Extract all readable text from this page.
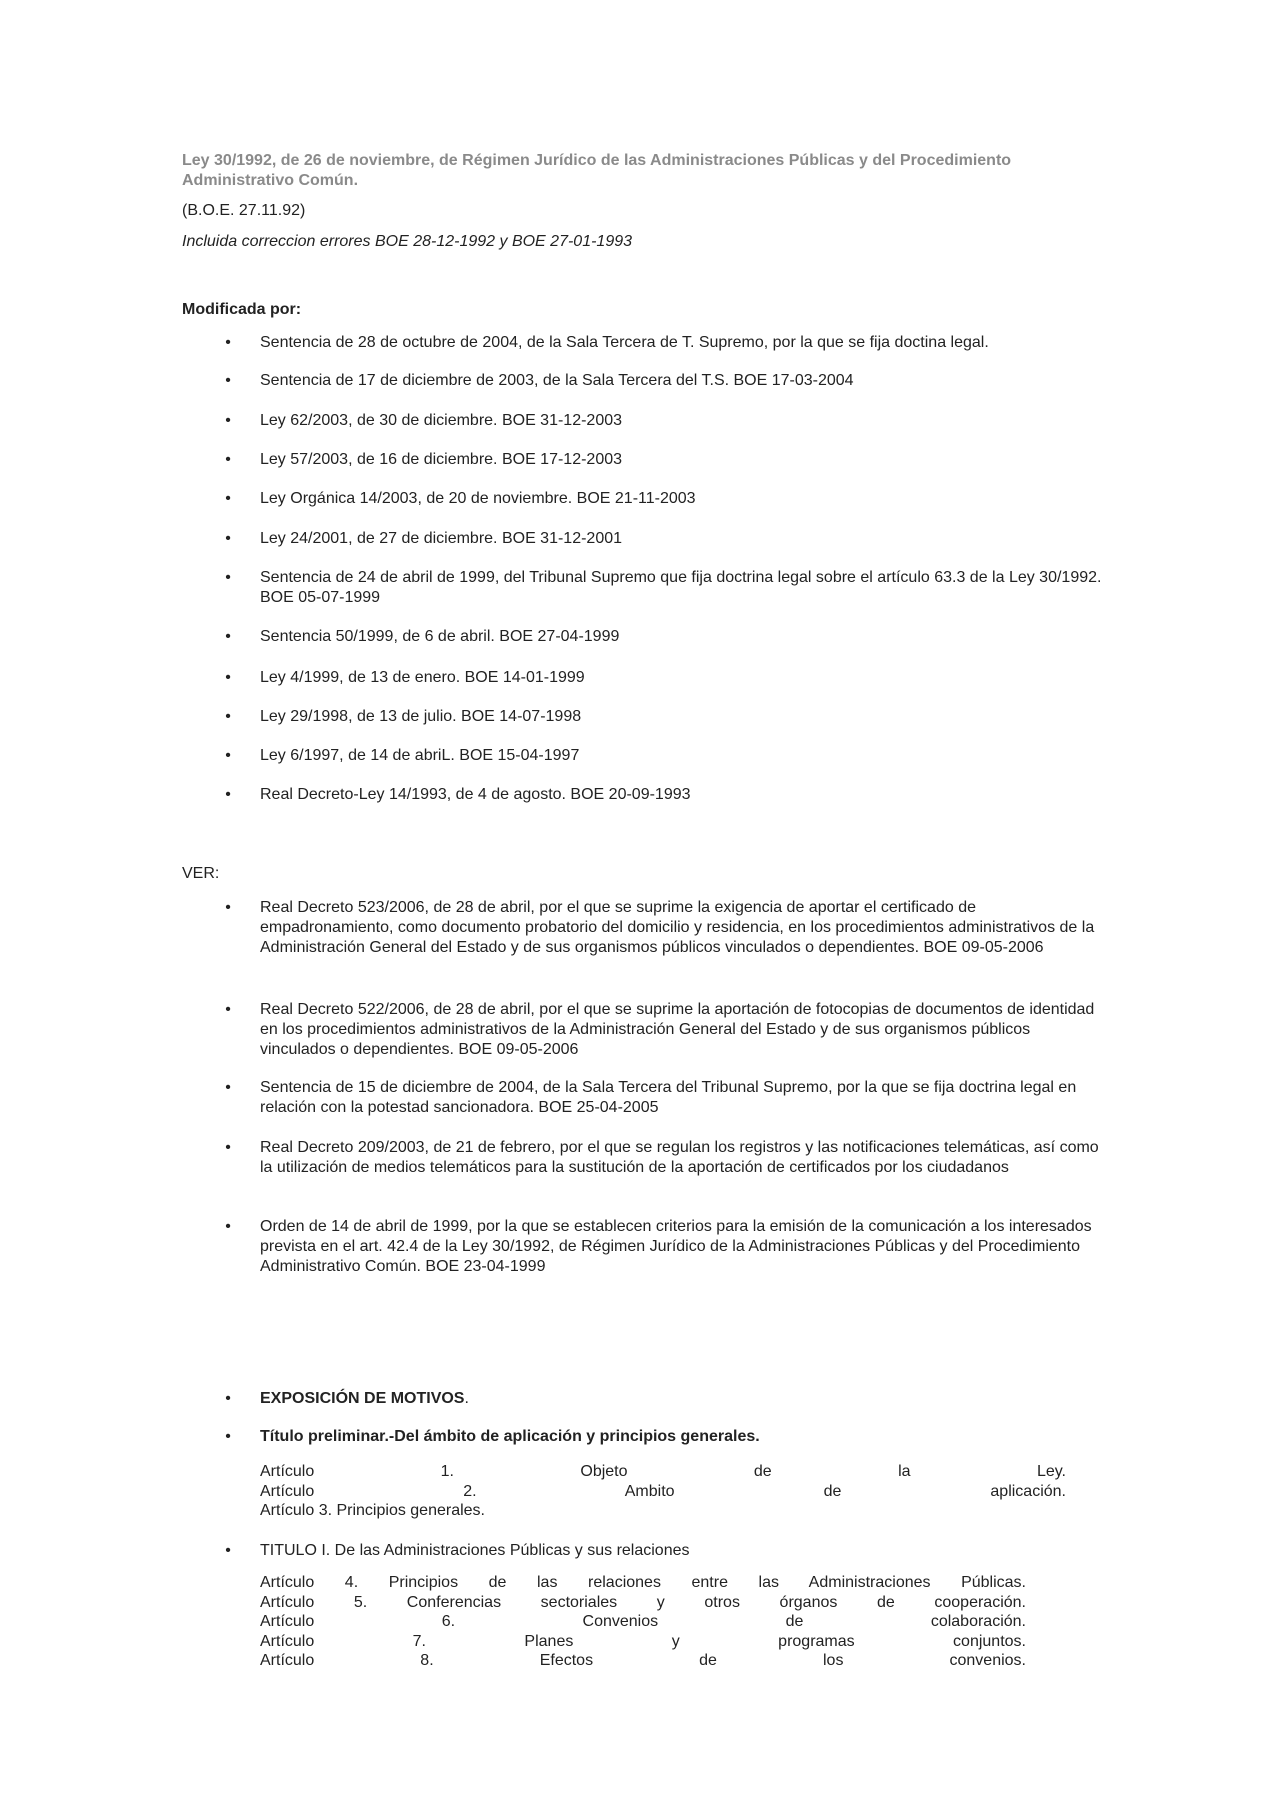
Ley 30/1992, de 26 de noviembre, de Régimen Jurídico de las Administraciones Públicas y del Procedimiento Administrativo Común.
(B.O.E. 27.11.92)
Incluida correccion errores BOE 28-12-1992 y BOE 27-01-1993
Modificada por:
• Sentencia de 28 de octubre de 2004, de la Sala Tercera de T. Supremo, por la que se fija doctina legal.
• Sentencia de 17 de diciembre de 2003, de la Sala Tercera del T.S. BOE 17-03-2004
• Ley 62/2003, de 30 de diciembre. BOE 31-12-2003
• Ley 57/2003, de 16 de diciembre. BOE 17-12-2003
• Ley Orgánica 14/2003, de 20 de noviembre. BOE 21-11-2003
• Ley 24/2001, de 27 de diciembre. BOE 31-12-2001
• Sentencia de 24 de abril de 1999, del Tribunal Supremo que fija doctrina legal sobre el artículo 63.3 de la Ley 30/1992. BOE 05-07-1999
• Sentencia 50/1999, de 6 de abril. BOE 27-04-1999
• Ley 4/1999, de 13 de enero. BOE 14-01-1999
• Ley 29/1998, de 13 de julio. BOE 14-07-1998
• Ley 6/1997, de 14 de abriL. BOE 15-04-1997
• Real Decreto-Ley 14/1993, de 4 de agosto. BOE 20-09-1993
VER:
• Real Decreto 523/2006, de 28 de abril, por el que se suprime la exigencia de aportar el certificado de empadronamiento, como documento probatorio del domicilio y residencia, en los procedimientos administrativos de la Administración General del Estado y de sus organismos públicos vinculados o dependientes. BOE 09-05-2006
• Real Decreto 522/2006, de 28 de abril, por el que se suprime la aportación de fotocopias de documentos de identidad en los procedimientos administrativos de la Administración General del Estado y de sus organismos públicos vinculados o dependientes. BOE 09-05-2006
• Sentencia de 15 de diciembre de 2004, de la Sala Tercera del Tribunal Supremo, por la que se fija doctrina legal en relación con la potestad sancionadora. BOE 25-04-2005
• Real Decreto 209/2003, de 21 de febrero, por el que se regulan los registros y las notificaciones telemáticas, así como la utilización de medios telemáticos para la sustitución de la aportación de certificados por los ciudadanos
• Orden de 14 de abril de 1999, por la que se establecen criterios para la emisión de la comunicación a los interesados prevista en el art. 42.4 de la Ley 30/1992, de Régimen Jurídico de la Administraciones Públicas y del Procedimiento Administrativo Común. BOE 23-04-1999
• EXPOSICIÓN DE MOTIVOS.
• Título preliminar.-Del ámbito de aplicación y principios generales.
• TITULO I. De las Administraciones Públicas y sus relaciones
Artículo 1. Objeto de la Ley.
Artículo 2. Ambito de aplicación.
Artículo 3. Principios generales.
Artículo 4. Principios de las relaciones entre las Administraciones Públicas.
Artículo 5. Conferencias sectoriales y otros órganos de cooperación.
Artículo 6. Convenios de colaboración.
Artículo 7. Planes y programas conjuntos.
Artículo 8. Efectos de los convenios.
